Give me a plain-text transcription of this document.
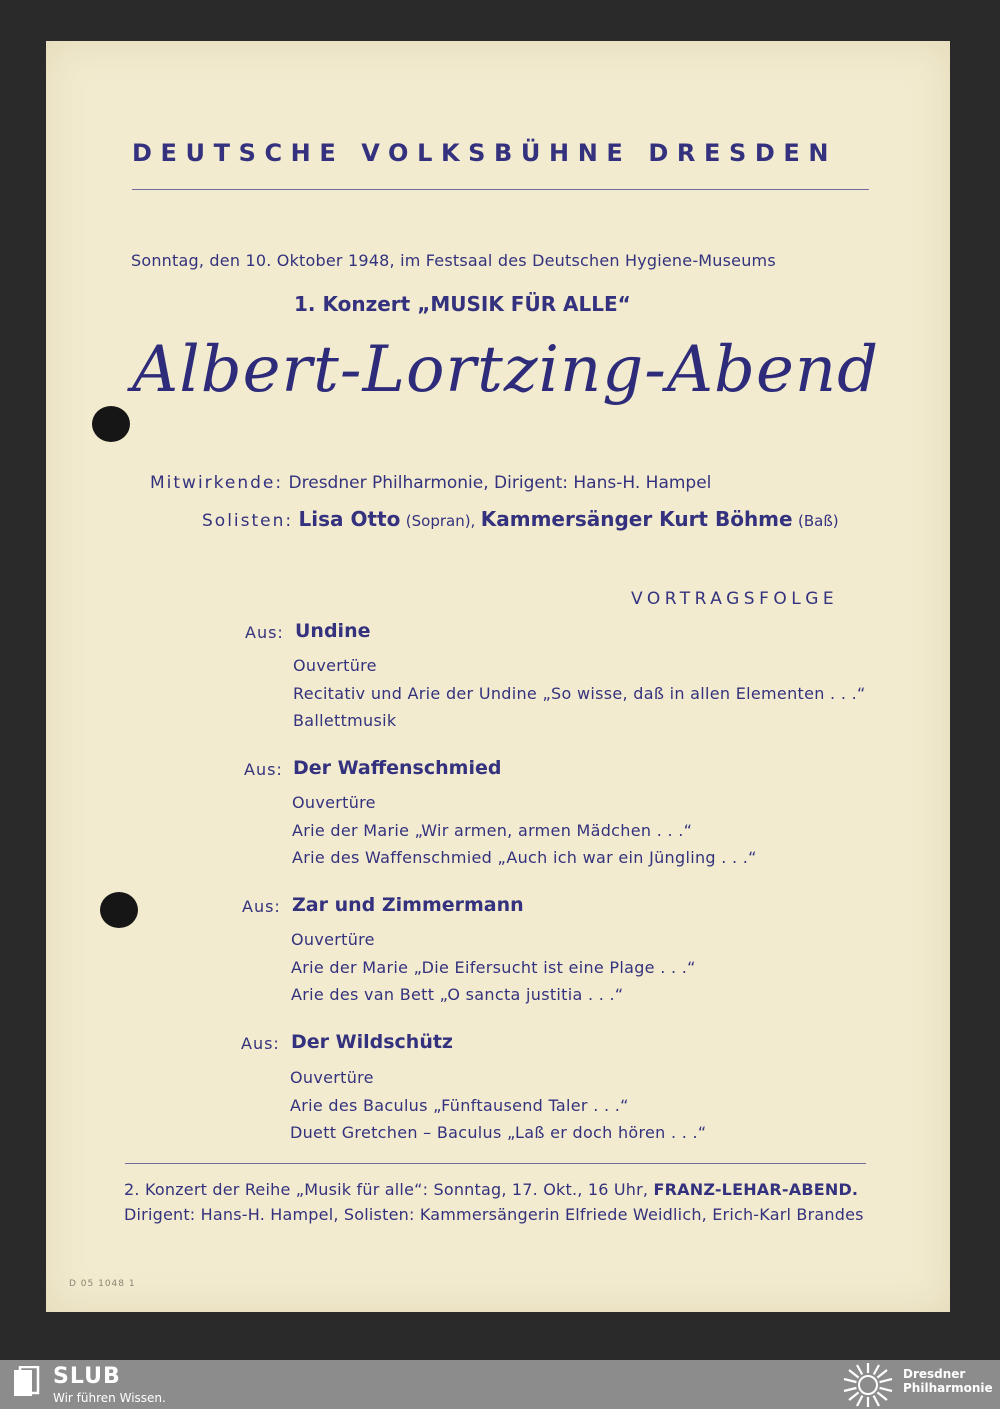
DEUTSCHE VOLKSBÜHNE DRESDEN
Sonntag, den 10. Oktober 1948, im Festsaal des Deutschen Hygiene-Museums
1. Konzert „MUSIK FÜR ALLE“
Albert-Lortzing-Abend
Mitwirkende: Dresdner Philharmonie, Dirigent: Hans-H. Hampel
Solisten: Lisa Otto (Sopran), Kammersänger Kurt Böhme (Baß)
VORTRAGSFOLGE
Aus: Undine
Ouvertüre
Recitativ und Arie der Undine „So wisse, daß in allen Elementen . . .“
Ballettmusik
Aus: Der Waffenschmied
Ouvertüre
Arie der Marie „Wir armen, armen Mädchen . . .“
Arie des Waffenschmied „Auch ich war ein Jüngling . . .“
Aus: Zar und Zimmermann
Ouvertüre
Arie der Marie „Die Eifersucht ist eine Plage . . .“
Arie des van Bett „O sancta justitia . . .“
Aus: Der Wildschütz
Ouvertüre
Arie des Baculus „Fünftausend Taler . . .“
Duett Gretchen – Baculus „Laß er doch hören . . .“
2. Konzert der Reihe „Musik für alle“: Sonntag, 17. Okt., 16 Uhr, FRANZ-LEHAR-ABEND.
Dirigent: Hans-H. Hampel, Solisten: Kammersängerin Elfriede Weidlich, Erich-Karl Brandes
D 05 1048 1
SLUB
Wir führen Wissen.
Dresdner
Philharmonie
